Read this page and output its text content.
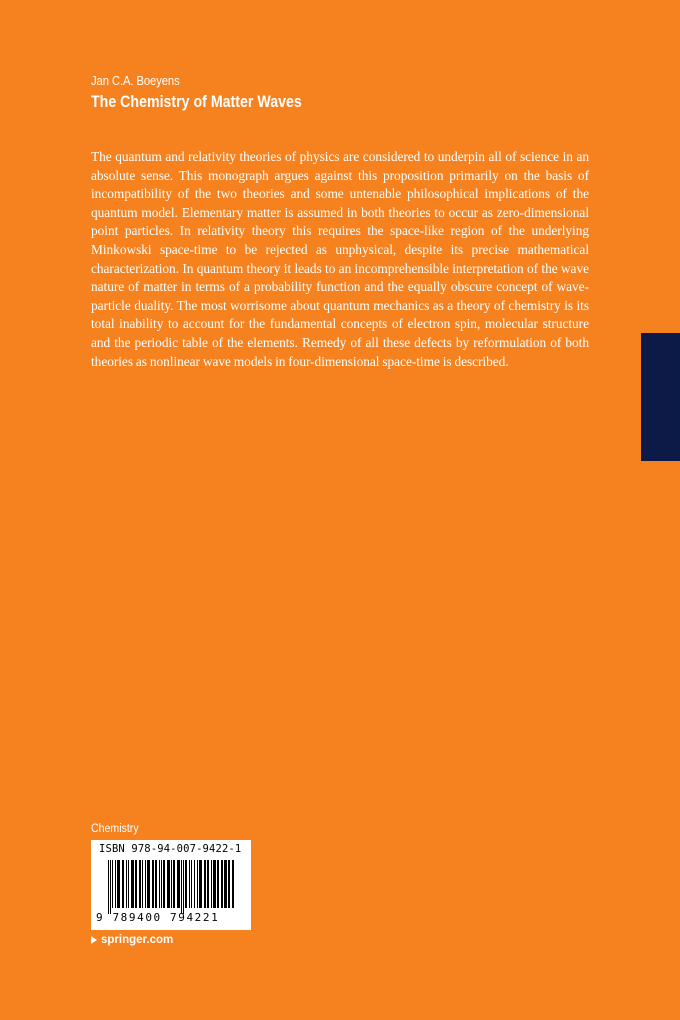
Jan C.A. Boeyens
The Chemistry of Matter Waves
The quantum and relativity theories of physics are considered to underpin all of science in an absolute sense. This monograph argues against this proposition primarily on the basis of incompatibility of the two theories and some untenable philosophical implications of the quantum model. Elementary matter is assumed in both theories to occur as zero-dimensional point particles. In relativity theory this requires the space-like region of the underlying Minkowski space-time to be rejected as unphysical, despite its precise mathematical characterization. In quantum theory it leads to an incomprehensible interpretation of the wave nature of matter in terms of a probability function and the equally obscure concept of wave-particle duality. The most worrisome about quantum mechanics as a theory of chemistry is its total inability to account for the fundamental concepts of electron spin, molecular structure and the periodic table of the elements. Remedy of all these defects by reformulation of both theories as nonlinear wave models in four-dimensional space-time is described.
Chemistry
ISBN 978-94-007-9422-1
9 789400 794221
springer.com
